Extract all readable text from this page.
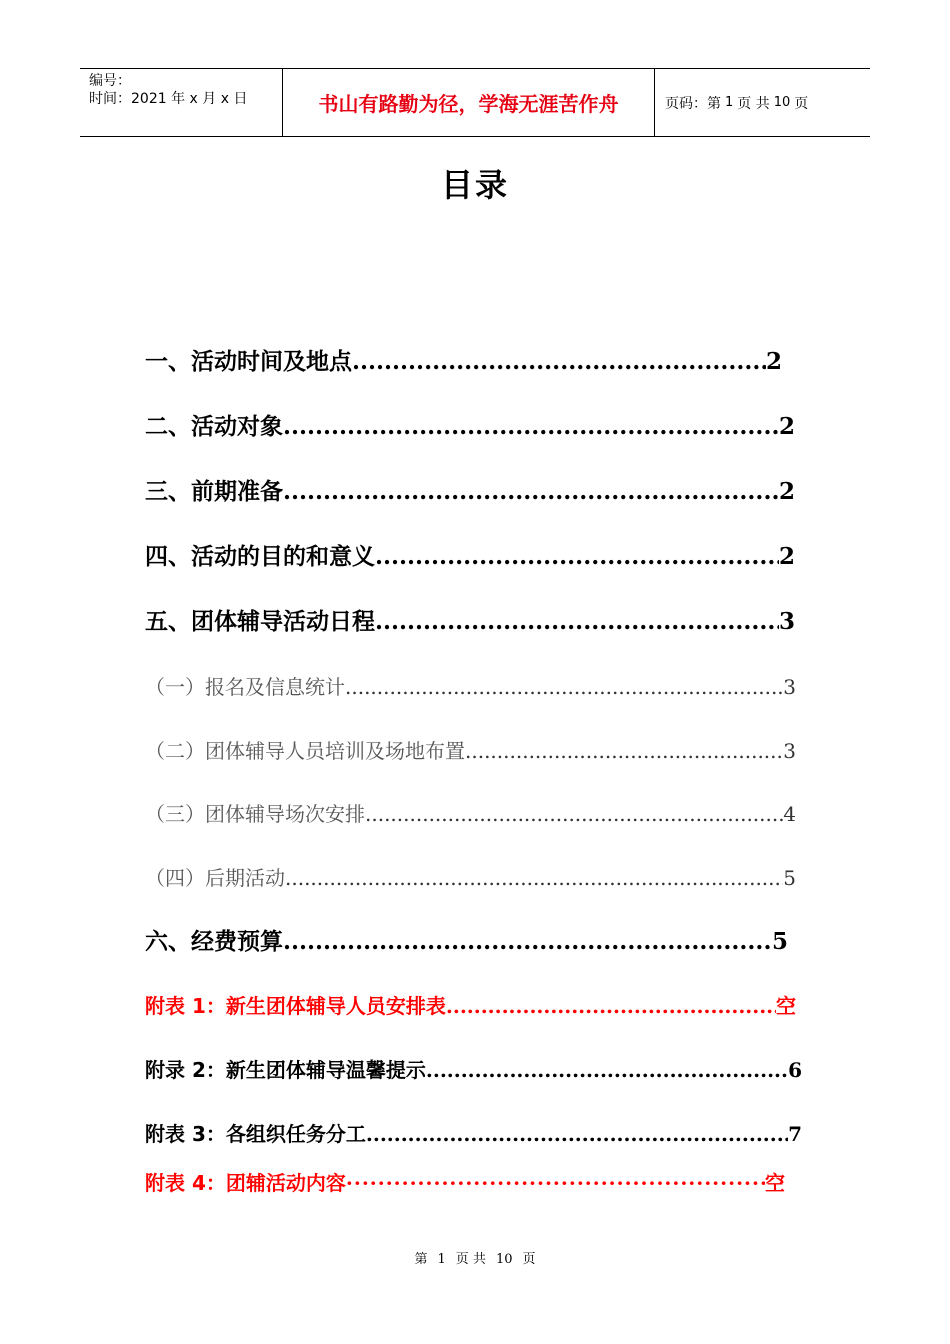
编号：
时间：2021 年 x 月 x 日	书山有路勤为径，学海无涯苦作舟	页码：第 1 页 共 10 页
目录
一、活动时间及地点 .....	2
二、活动对象 .....	2
三、前期准备 .....	2
四、活动的目的和意义 .....	2
五、团体辅导活动日程 .....	3
（一）报名及信息统计 .....	3
（二）团体辅导人员培训及场地布置 .....	3
（三）团体辅导场次安排 .....	4
（四）后期活动 .....	5
六、经费预算 .....	5
附表 1：新生团体辅导人员安排表 .....	空
附录 2：新生团体辅导温馨提示 .....	6
附表 3：各组织任务分工 .....	7
附表 4：团辅活动内容 ·····	空
第 1 页 共 10 页
